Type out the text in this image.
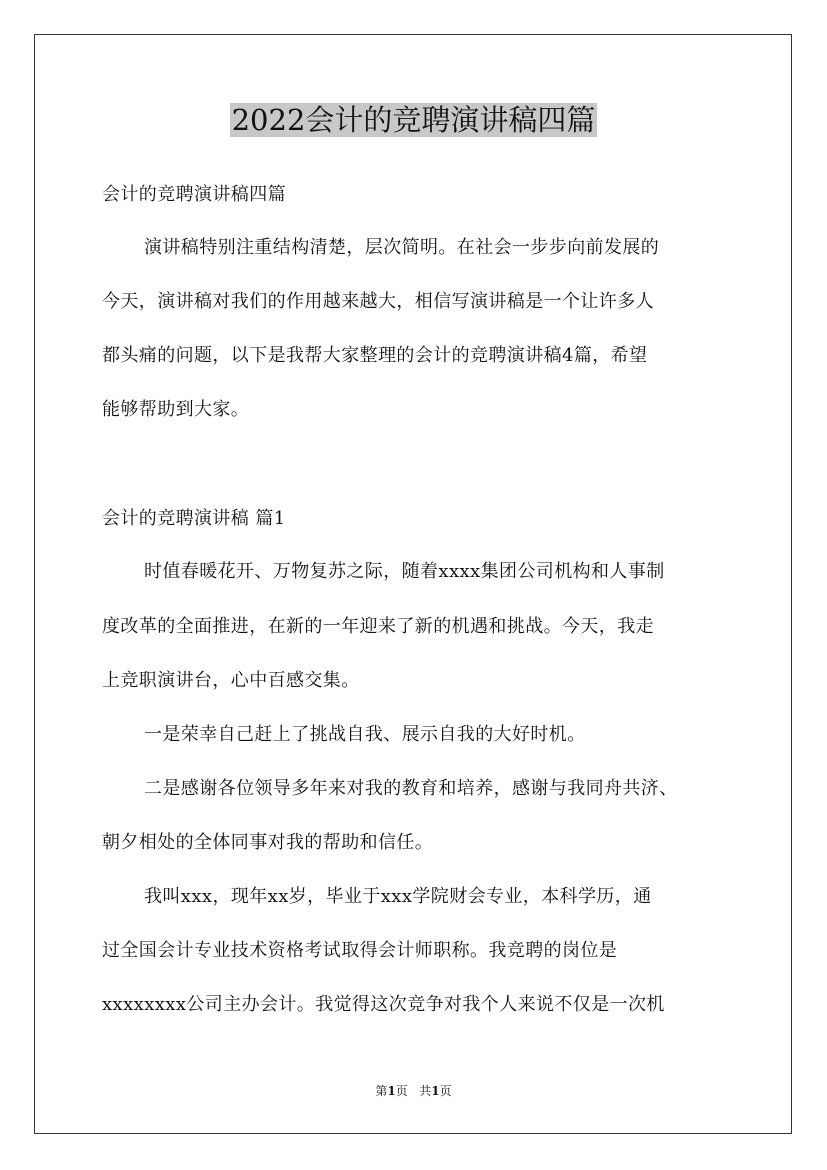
2022会计的竞聘演讲稿四篇
会计的竞聘演讲稿四篇
演讲稿特别注重结构清楚，层次简明。在社会一步步向前发展的
今天，演讲稿对我们的作用越来越大，相信写演讲稿是一个让许多人
都头痛的问题，以下是我帮大家整理的会计的竞聘演讲稿4篇，希望
能够帮助到大家。
会计的竞聘演讲稿 篇1
时值春暖花开、万物复苏之际，随着xxxx集团公司机构和人事制
度改革的全面推进，在新的一年迎来了新的机遇和挑战。今天，我走
上竞职演讲台，心中百感交集。
一是荣幸自己赶上了挑战自我、展示自我的大好时机。
二是感谢各位领导多年来对我的教育和培养，感谢与我同舟共济、
朝夕相处的全体同事对我的帮助和信任。
我叫xxx，现年xx岁，毕业于xxx学院财会专业，本科学历，通
过全国会计专业技术资格考试取得会计师职称。我竞聘的岗位是
xxxxxxxx公司主办会计。我觉得这次竞争对我个人来说不仅是一次机
第1页 共1页
